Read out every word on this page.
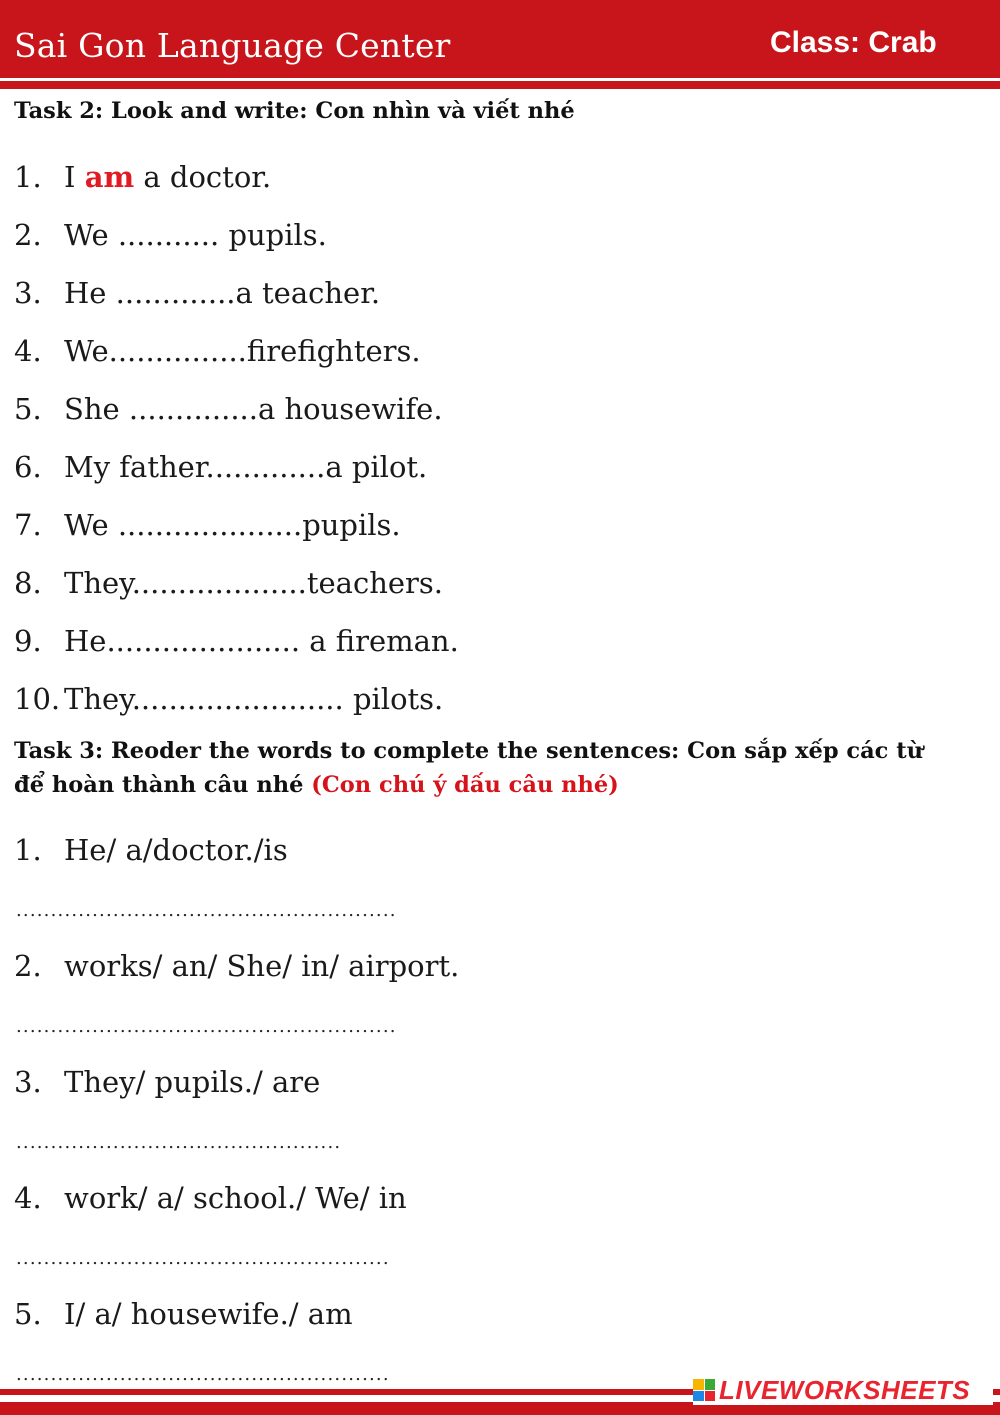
Sai Gon Language Center	Class: Crab
Task 2: Look and write: Con nhìn và viết nhé
1. I am a doctor.
2. We ........... pupils.
3. He .............a teacher.
4. We...............firefighters.
5. She ..............a housewife.
6. My father.............a pilot.
7. We ....................pupils.
8. They...................teachers.
9. He..................... a fireman.
10. They....................... pilots.
Task 3: Reoder the words to complete the sentences: Con sắp xếp các từ
để hoàn thành câu nhé (Con chú ý dấu câu nhé)
1. He/ a/doctor./is
.......................................................
2. works/ an/ She/ in/ airport.
.......................................................
3. They/ pupils./ are
...............................................
4. work/ a/ school./ We/ in
......................................................
5. I/ a/ housewife./ am
......................................................	LIVEWORKSHEETS
